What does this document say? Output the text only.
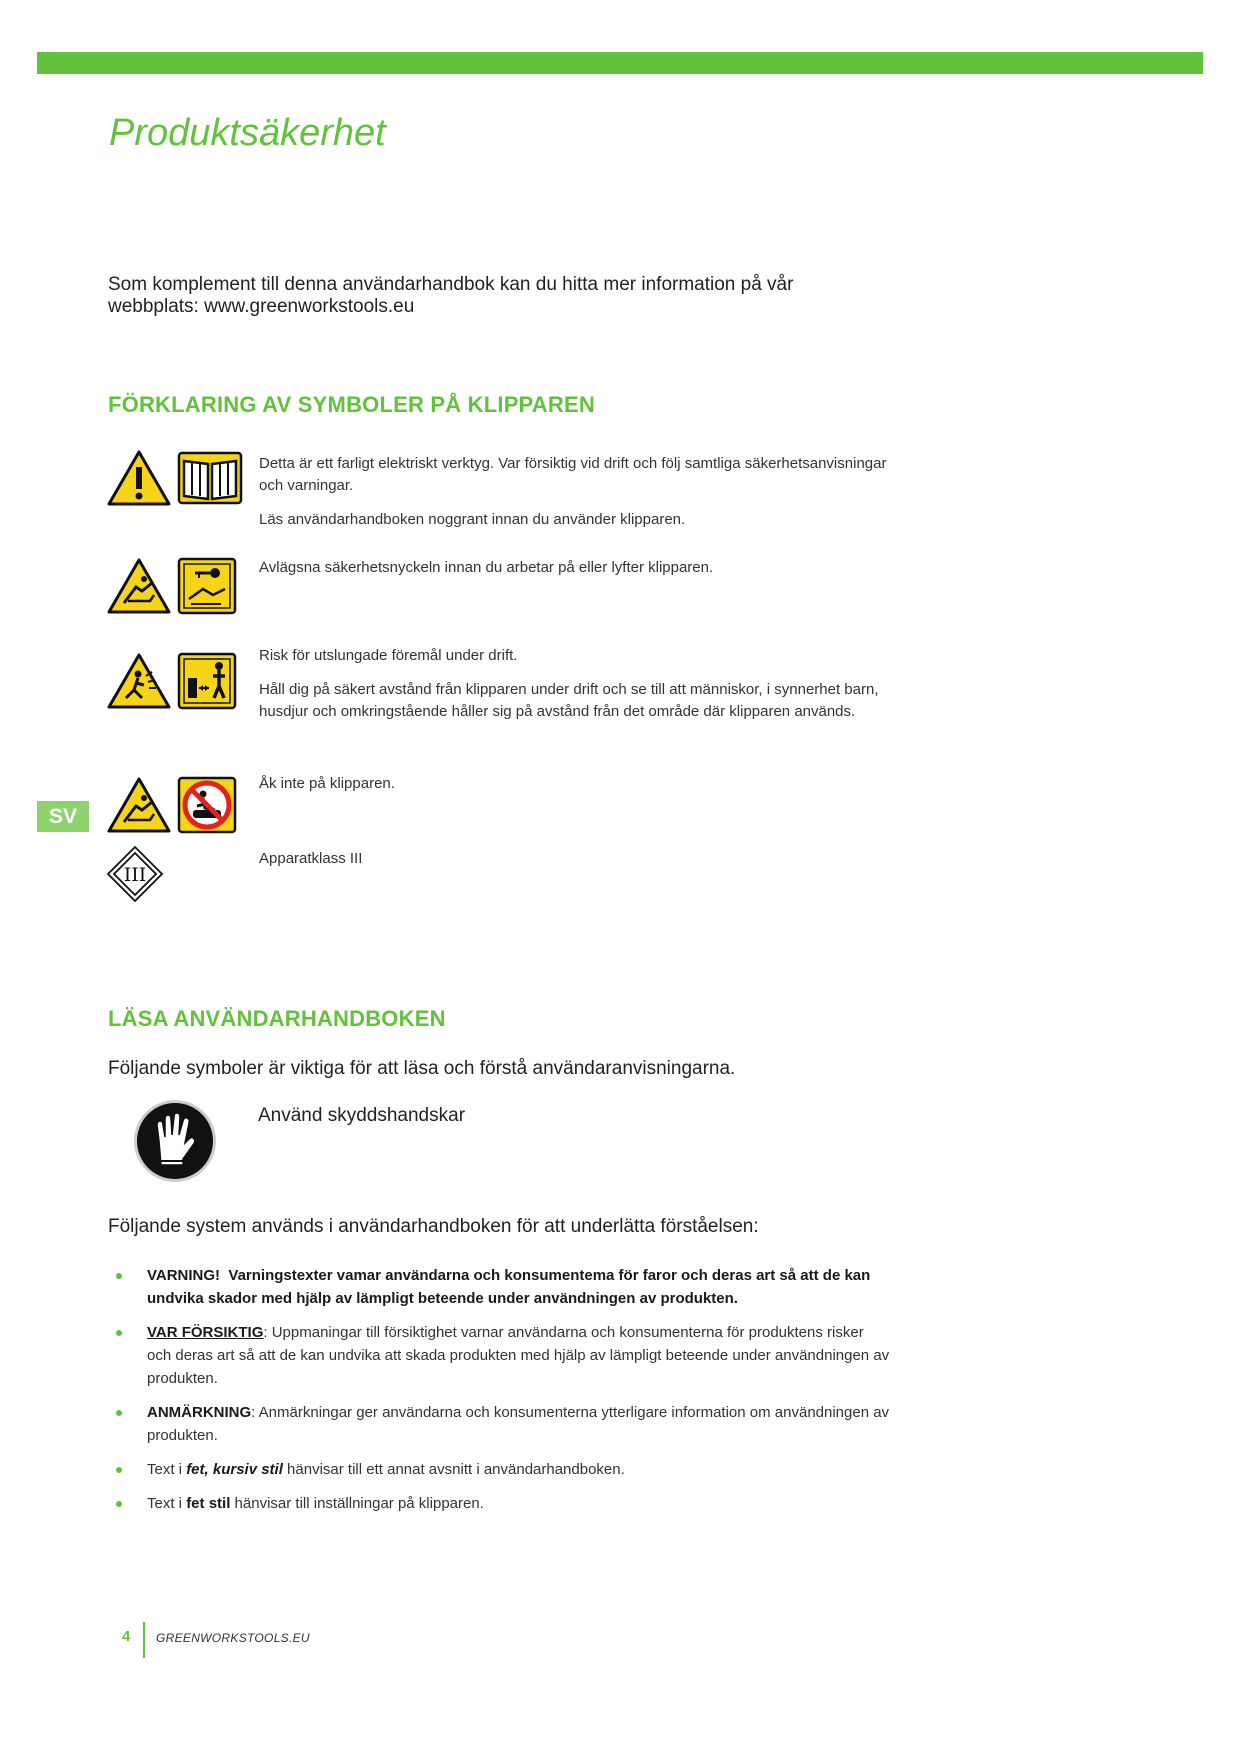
Produktsäkerhet
Som komplement till denna användarhandbok kan du hitta mer information på vår
webbplats: www.greenworkstools.eu
FÖRKLARING AV SYMBOLER PÅ KLIPPAREN

Detta är ett farligt elektriskt verktyg. Var försiktig vid drift och följ samtliga säkerhetsanvisningar och varningar.

Läs användarhandboken noggrant innan du använder klipparen.

Avlägsna säkerhetsnyckeln innan du arbetar på eller lyfter klipparen.

Risk för utslungade föremål under drift.

Håll dig på säkert avstånd från klipparen under drift och se till att människor, i synnerhet barn, husdjur och omkringstående håller sig på avstånd från det område där klipparen används.

SV

Åk inte på klipparen.

III

Apparatklass III

LÄSA ANVÄNDARHANDBOKEN
Följande symboler är viktiga för att läsa och förstå användaranvisningarna.
Använd skyddshandskar
Följande system används i användarhandboken för att underlätta förståelsen:
VARNING! Varningstexter vamar användarna och konsumentema för faror och deras art så att de kan undvika skador med hjälp av lämpligt beteende under användningen av produkten.
VAR FÖRSIKTIG: Uppmaningar till försiktighet varnar användarna och konsumenterna för produktens risker och deras art så att de kan undvika att skada produkten med hjälp av lämpligt beteende under användningen av produkten.
ANMÄRKNING: Anmärkningar ger användarna och konsumenterna ytterligare information om användningen av produkten.
Text i fet, kursiv stil hänvisar till ett annat avsnitt i användarhandboken.
Text i fet stil hänvisar till inställningar på klipparen.
4 GREENWORKSTOOLS.EU
